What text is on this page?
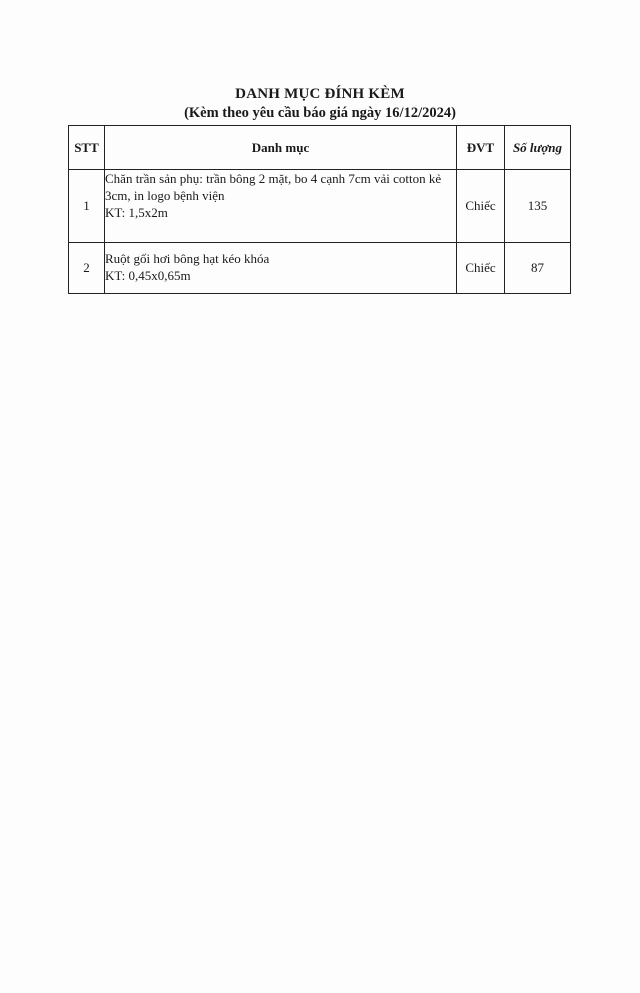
DANH MỤC ĐÍNH KÈM
(Kèm theo yêu cầu báo giá ngày 16/12/2024)
STT	Danh mục	ĐVT	Số lượng
1	Chăn trần sản phụ: trần bông 2 mặt, bo 4 cạnh 7cm vải cotton kẻ
3cm, in logo bệnh viện
KT: 1,5x2m	Chiếc	135
2	Ruột gối hơi bông hạt kéo khóa
KT: 0,45x0,65m	Chiếc	87
